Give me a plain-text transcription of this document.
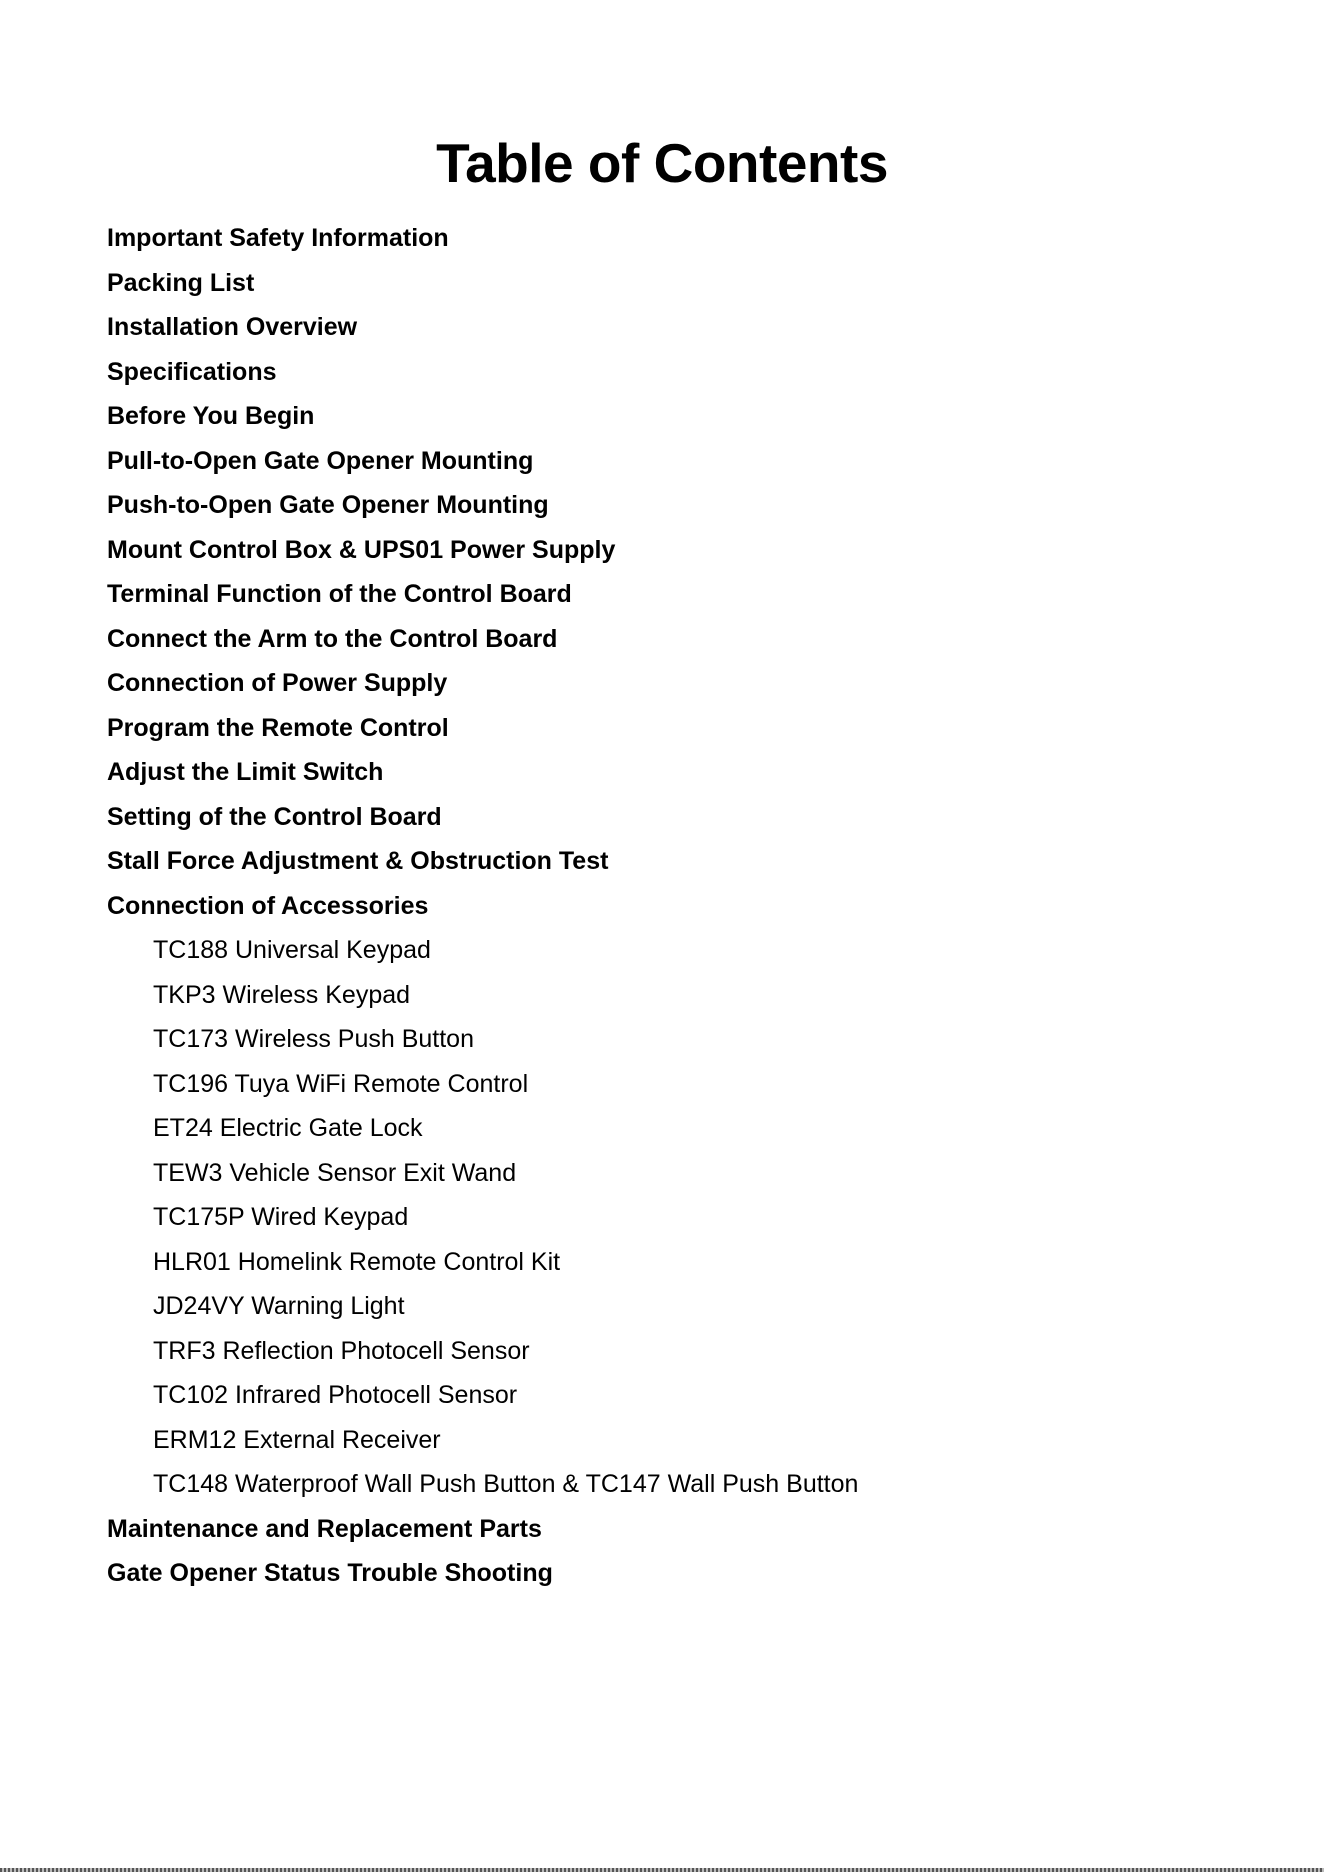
Table of Contents
Important Safety Information
Packing List
Installation Overview
Specifications
Before You Begin
Pull-to-Open Gate Opener Mounting
Push-to-Open Gate Opener Mounting
Mount Control Box & UPS01 Power Supply
Terminal Function of the Control Board
Connect the Arm to the Control Board
Connection of Power Supply
Program the Remote Control
Adjust the Limit Switch
Setting of the Control Board
Stall Force Adjustment & Obstruction Test
Connection of Accessories
TC188 Universal Keypad
TKP3 Wireless Keypad
TC173 Wireless Push Button
TC196 Tuya WiFi Remote Control
ET24 Electric Gate Lock
TEW3 Vehicle Sensor Exit Wand
TC175P Wired Keypad
HLR01 Homelink Remote Control Kit
JD24VY Warning Light
TRF3 Reflection Photocell Sensor
TC102 Infrared Photocell Sensor
ERM12 External Receiver
TC148 Waterproof Wall Push Button & TC147 Wall Push Button
Maintenance and Replacement Parts
Gate Opener Status Trouble Shooting
